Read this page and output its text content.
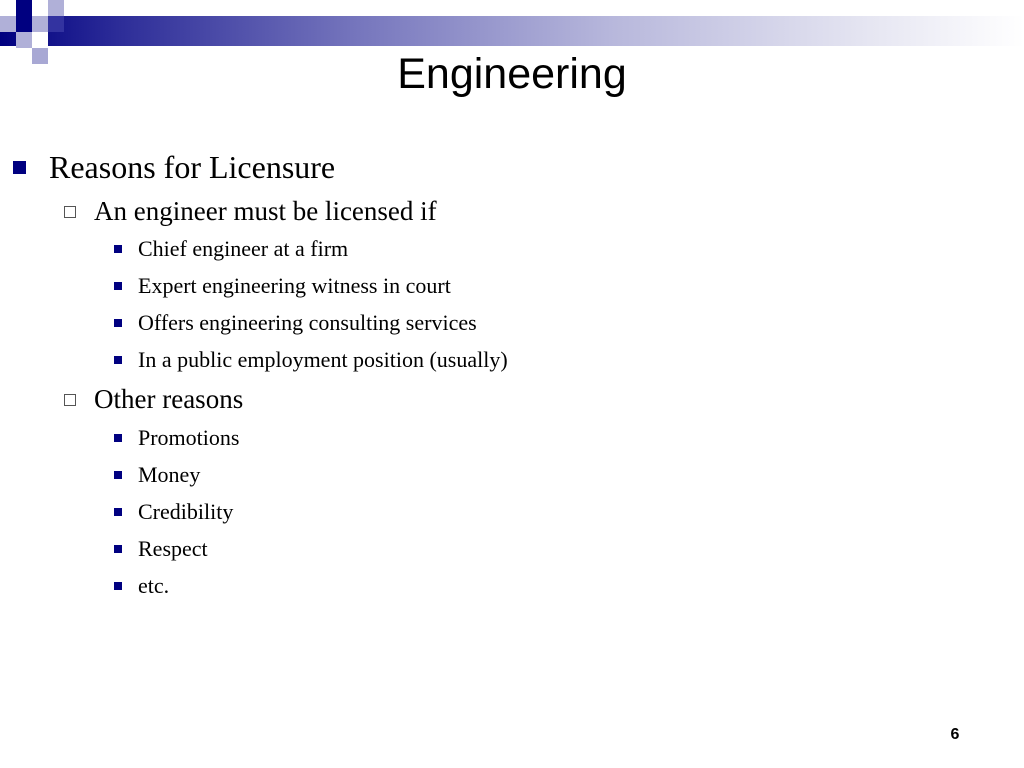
Engineering
Reasons for Licensure
An engineer must be licensed if
Chief engineer at a firm
Expert engineering witness in court
Offers engineering consulting services
In a public employment position (usually)
Other reasons
Promotions
Money
Credibility
Respect
etc.
6
